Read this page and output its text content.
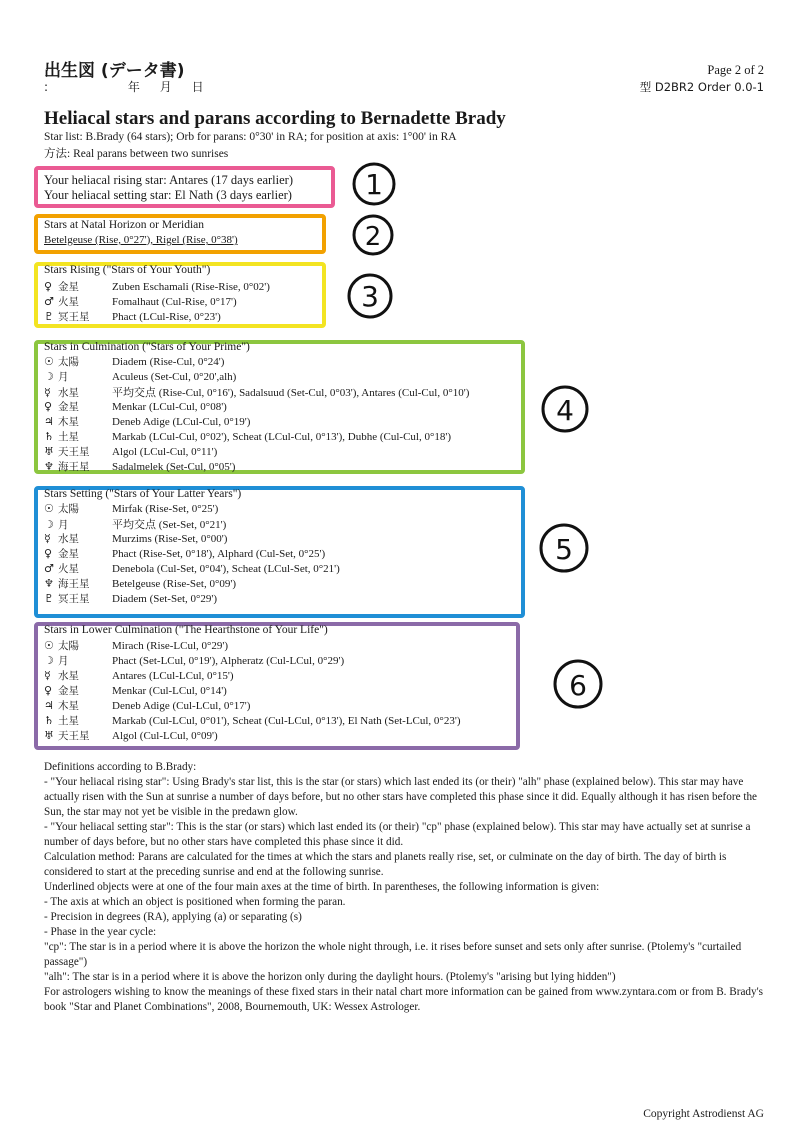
出生図 (データ書)
:	年 月 日
Page 2 of 2
型 D2BR2 Order 0.0-1
Heliacal stars and parans according to Bernadette Brady
Star list: B.Brady (64 stars); Orb for parans: 0°30' in RA; for position at axis: 1°00' in RA
方法: Real parans between two sunrises
Your heliacal rising star: Antares (17 days earlier)
Your heliacal setting star: El Nath (3 days earlier)	1
Stars at Natal Horizon or Meridian
Betelgeuse (Rise, 0°27'), Rigel (Rise, 0°38')	2
Stars Rising ("Stars of Your Youth")
♀ 金星	Zuben Eschamali (Rise-Rise, 0°02')
♂ 火星	Fomalhaut (Cul-Rise, 0°17')
♇ 冥王星 Phact (LCul-Rise, 0°23')
3
Stars in Culmination ("Stars of Your Prime")
☉ 太陽	Diadem (Rise-Cul, 0°24')
☽ 月	Aculeus (Set-Cul, 0°20',alh)
☿ 水星	平均交点 (Rise-Cul, 0°16'), Sadalsuud (Set-Cul, 0°03'), Antares (Cul-Cul, 0°10')
♀ 金星	Menkar (LCul-Cul, 0°08')
♃ 木星	Deneb Adige (LCul-Cul, 0°19')
♄ 土星	Markab (LCul-Cul, 0°02'), Scheat (LCul-Cul, 0°13'), Dubhe (Cul-Cul, 0°18')
♅ 天王星 Algol (LCul-Cul, 0°11')
♆ 海王星 Sadalmelek (Set-Cul, 0°05')
4
Stars Setting ("Stars of Your Latter Years")
☉ 太陽	Mirfak (Rise-Set, 0°25')
☽ 月	平均交点 (Set-Set, 0°21')
☿ 水星	Murzims (Rise-Set, 0°00')
♀ 金星	Phact (Rise-Set, 0°18'), Alphard (Cul-Set, 0°25')
♂ 火星	Denebola (Cul-Set, 0°04'), Scheat (LCul-Set, 0°21')
♆ 海王星 Betelgeuse (Rise-Set, 0°09')
♇ 冥王星 Diadem (Set-Set, 0°29')
5
Stars in Lower Culmination ("The Hearthstone of Your Life")
☉ 太陽	Mirach (Rise-LCul, 0°29')
☽ 月	Phact (Set-LCul, 0°19'), Alpheratz (Cul-LCul, 0°29')
☿ 水星	Antares (LCul-LCul, 0°15')
♀ 金星	Menkar (Cul-LCul, 0°14')
♃ 木星	Deneb Adige (Cul-LCul, 0°17')
♄ 土星	Markab (Cul-LCul, 0°01'), Scheat (Cul-LCul, 0°13'), El Nath (Set-LCul, 0°23')
♅ 天王星 Algol (Cul-LCul, 0°09')
6
Definitions according to B.Brady:
- "Your heliacal rising star": Using Brady's star list, this is the star (or stars) which last ended its (or their) "alh" phase (explained below). This star may have actually risen with the Sun at sunrise a number of days before, but no other stars have completed this phase since it did. Equally although it has risen before the Sun, the star may not yet be visible in the predawn glow.
- "Your heliacal setting star": This is the star (or stars) which last ended its (or their) "cp" phase (explained below). This star may have actually set at sunrise a number of days before, but no other stars have completed this phase since it did.
Calculation method: Parans are calculated for the times at which the stars and planets really rise, set, or culminate on the day of birth. The day of birth is considered to start at the preceding sunrise and end at the following sunrise.
Underlined objects were at one of the four main axes at the time of birth. In parentheses, the following information is given:
- The axis at which an object is positioned when forming the paran.
- Precision in degrees (RA), applying (a) or separating (s)
- Phase in the year cycle:
"cp": The star is in a period where it is above the horizon the whole night through, i.e. it rises before sunset and sets only after sunrise. (Ptolemy's "curtailed passage")
"alh": The star is in a period where it is above the horizon only during the daylight hours. (Ptolemy's "arising but lying hidden")
For astrologers wishing to know the meanings of these fixed stars in their natal chart more information can be gained from www.zyntara.com or from B. Brady's book "Star and Planet Combinations", 2008, Bournemouth, UK: Wessex Astrologer.
Copyright Astrodienst AG
